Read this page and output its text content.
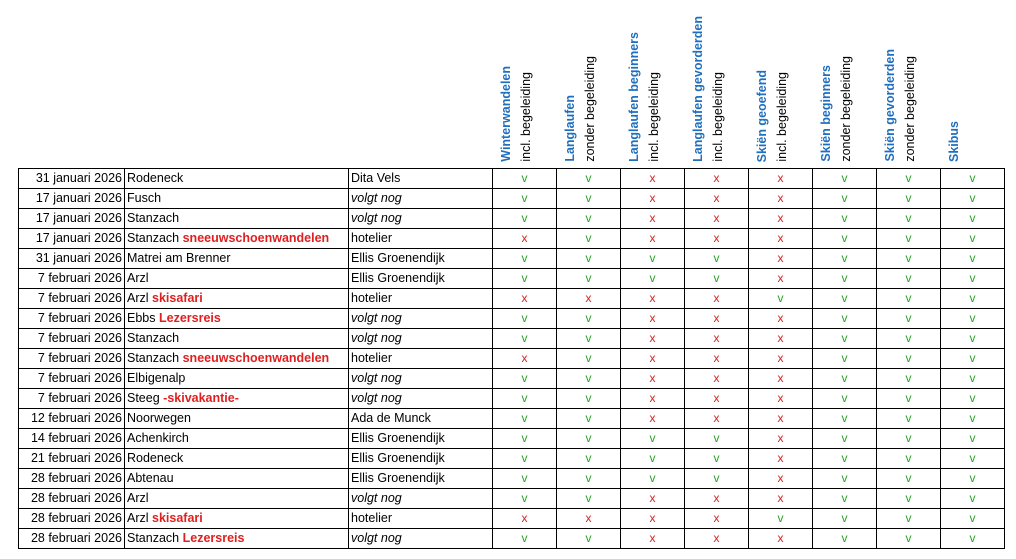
			Winterwandelen incl. begeleiding	Langlaufen zonder begeleiding	Langlaufen beginners incl. begeleiding	Langlaufen gevorderden incl. begeleiding	Skiën geoefend incl. begeleiding	Skiën beginners zonder begeleiding	Skiën gevorderden zonder begeleiding	Skibus

31 januari 2026	Rodeneck	Dita Vels	v	v	x	x	x	v	v	v
17 januari 2026	Fusch	volgt nog	v	v	x	x	x	v	v	v
17 januari 2026	Stanzach	volgt nog	v	v	x	x	x	v	v	v
17 januari 2026	Stanzach sneeuwschoenwandelen	hotelier	x	v	x	x	x	v	v	v
31 januari 2026	Matrei am Brenner	Ellis Groenendijk	v	v	v	v	x	v	v	v
7 februari 2026	Arzl	Ellis Groenendijk	v	v	v	v	x	v	v	v
7 februari 2026	Arzl skisafari	hotelier	x	x	x	x	v	v	v	v
7 februari 2026	Ebbs Lezersreis	volgt nog	v	v	x	x	x	v	v	v
7 februari 2026	Stanzach	volgt nog	v	v	x	x	x	v	v	v
7 februari 2026	Stanzach sneeuwschoenwandelen	hotelier	x	v	x	x	x	v	v	v
7 februari 2026	Elbigenalp	volgt nog	v	v	x	x	x	v	v	v
7 februari 2026	Steeg -skivakantie-	volgt nog	v	v	x	x	x	v	v	v
12 februari 2026	Noorwegen	Ada de Munck	v	v	x	x	x	v	v	v
14 februari 2026	Achenkirch	Ellis Groenendijk	v	v	v	v	x	v	v	v
21 februari 2026	Rodeneck	Ellis Groenendijk	v	v	v	v	x	v	v	v
28 februari 2026	Abtenau	Ellis Groenendijk	v	v	v	v	x	v	v	v
28 februari 2026	Arzl	volgt nog	v	v	x	x	x	v	v	v
28 februari 2026	Arzl skisafari	hotelier	x	x	x	x	v	v	v	v
28 februari 2026	Stanzach Lezersreis	volgt nog	v	v	x	x	x	v	v	v
